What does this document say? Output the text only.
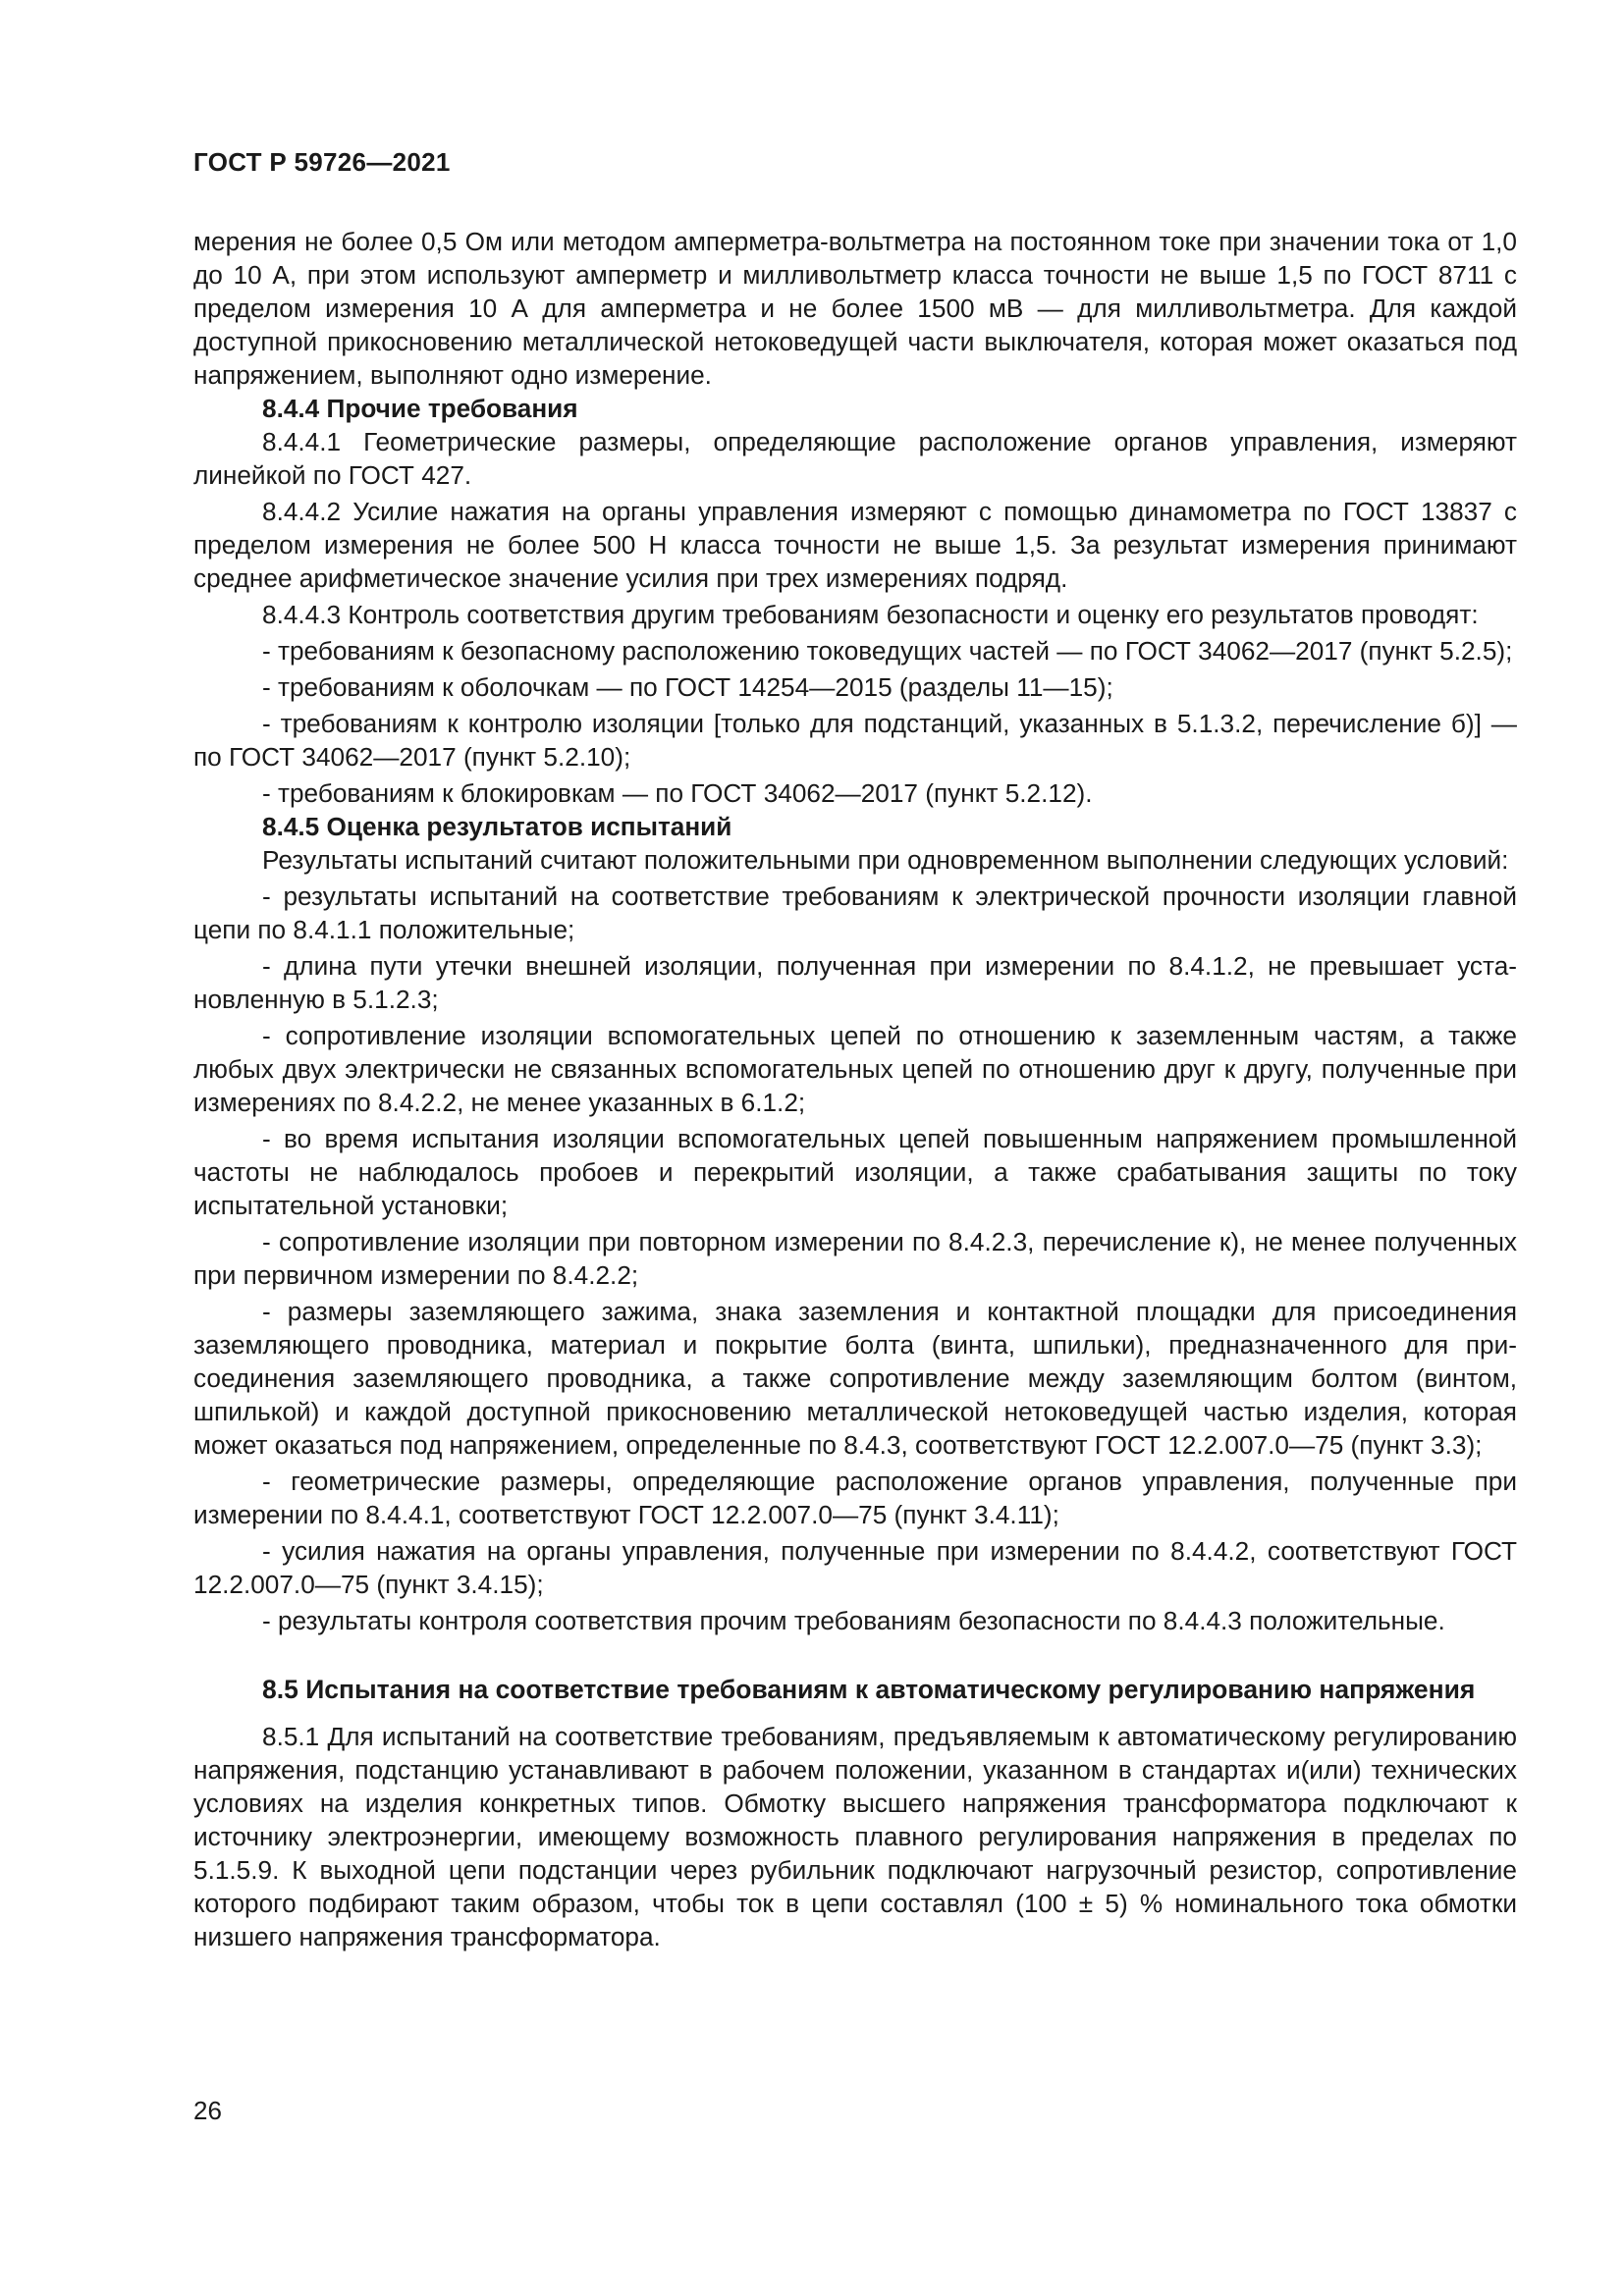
ГОСТ Р 59726—2021

мерения не более 0,5 Ом или методом амперметра-вольтметра на постоянном токе при значении тока от 1,0 до 10 А, при этом используют амперметр и милливольтметр класса точности не выше 1,5 по ГОСТ 8711 с пределом измерения 10 А для амперметра и не более 1500 мВ — для милливольтметра. Для каждой доступной прикосновению металлической нетоковедущей части выключателя, которая может оказаться под напряжением, выполняют одно измерение.

8.4.4 Прочие требования

8.4.4.1 Геометрические размеры, определяющие расположение органов управления, измеряют линейкой по ГОСТ 427.

8.4.4.2 Усилие нажатия на органы управления измеряют с помощью динамометра по ГОСТ 13837 с пределом измерения не более 500 Н класса точности не выше 1,5. За результат измерения принимают среднее арифметическое значение усилия при трех измерениях подряд.

8.4.4.3 Контроль соответствия другим требованиям безопасности и оценку его результатов проводят:

- требованиям к безопасному расположению токоведущих частей — по ГОСТ 34062—2017 (пункт 5.2.5);

- требованиям к оболочкам — по ГОСТ 14254—2015 (разделы 11—15);

- требованиям к контролю изоляции [только для подстанций, указанных в 5.1.3.2, перечисление б)] — по ГОСТ 34062—2017 (пункт 5.2.10);

- требованиям к блокировкам — по ГОСТ 34062—2017 (пункт 5.2.12).

8.4.5 Оценка результатов испытаний

Результаты испытаний считают положительными при одновременном выполнении следующих условий:

- результаты испытаний на соответствие требованиям к электрической прочности изоляции главной цепи по 8.4.1.1 положительные;

- длина пути утечки внешней изоляции, полученная при измерении по 8.4.1.2, не превышает установленную в 5.1.2.3;

- сопротивление изоляции вспомогательных цепей по отношению к заземленным частям, а также любых двух электрически не связанных вспомогательных цепей по отношению друг к другу, полученные при измерениях по 8.4.2.2, не менее указанных в 6.1.2;

- во время испытания изоляции вспомогательных цепей повышенным напряжением промышленной частоты не наблюдалось пробоев и перекрытий изоляции, а также срабатывания защиты по току испытательной установки;

- сопротивление изоляции при повторном измерении по 8.4.2.3, перечисление к), не менее полученных при первичном измерении по 8.4.2.2;

- размеры заземляющего зажима, знака заземления и контактной площадки для присоединения заземляющего проводника, материал и покрытие болта (винта, шпильки), предназначенного для присоединения заземляющего проводника, а также сопротивление между заземляющим болтом (винтом, шпилькой) и каждой доступной прикосновению металлической нетоковедущей частью изделия, которая может оказаться под напряжением, определенные по 8.4.3, соответствуют ГОСТ 12.2.007.0—75 (пункт 3.3);

- геометрические размеры, определяющие расположение органов управления, полученные при измерении по 8.4.4.1, соответствуют ГОСТ 12.2.007.0—75 (пункт 3.4.11);

- усилия нажатия на органы управления, полученные при измерении по 8.4.4.2, соответствуют ГОСТ 12.2.007.0—75 (пункт 3.4.15);

- результаты контроля соответствия прочим требованиям безопасности по 8.4.4.3 положительные.

8.5 Испытания на соответствие требованиям к автоматическому регулированию напряжения

8.5.1 Для испытаний на соответствие требованиям, предъявляемым к автоматическому регулированию напряжения, подстанцию устанавливают в рабочем положении, указанном в стандартах и(или) технических условиях на изделия конкретных типов. Обмотку высшего напряжения трансформатора подключают к источнику электроэнергии, имеющему возможность плавного регулирования напряжения в пределах по 5.1.5.9. К выходной цепи подстанции через рубильник подключают нагрузочный резистор, сопротивление которого подбирают таким образом, чтобы ток в цепи составлял (100 ± 5) % номинального тока обмотки низшего напряжения трансформатора.

26
